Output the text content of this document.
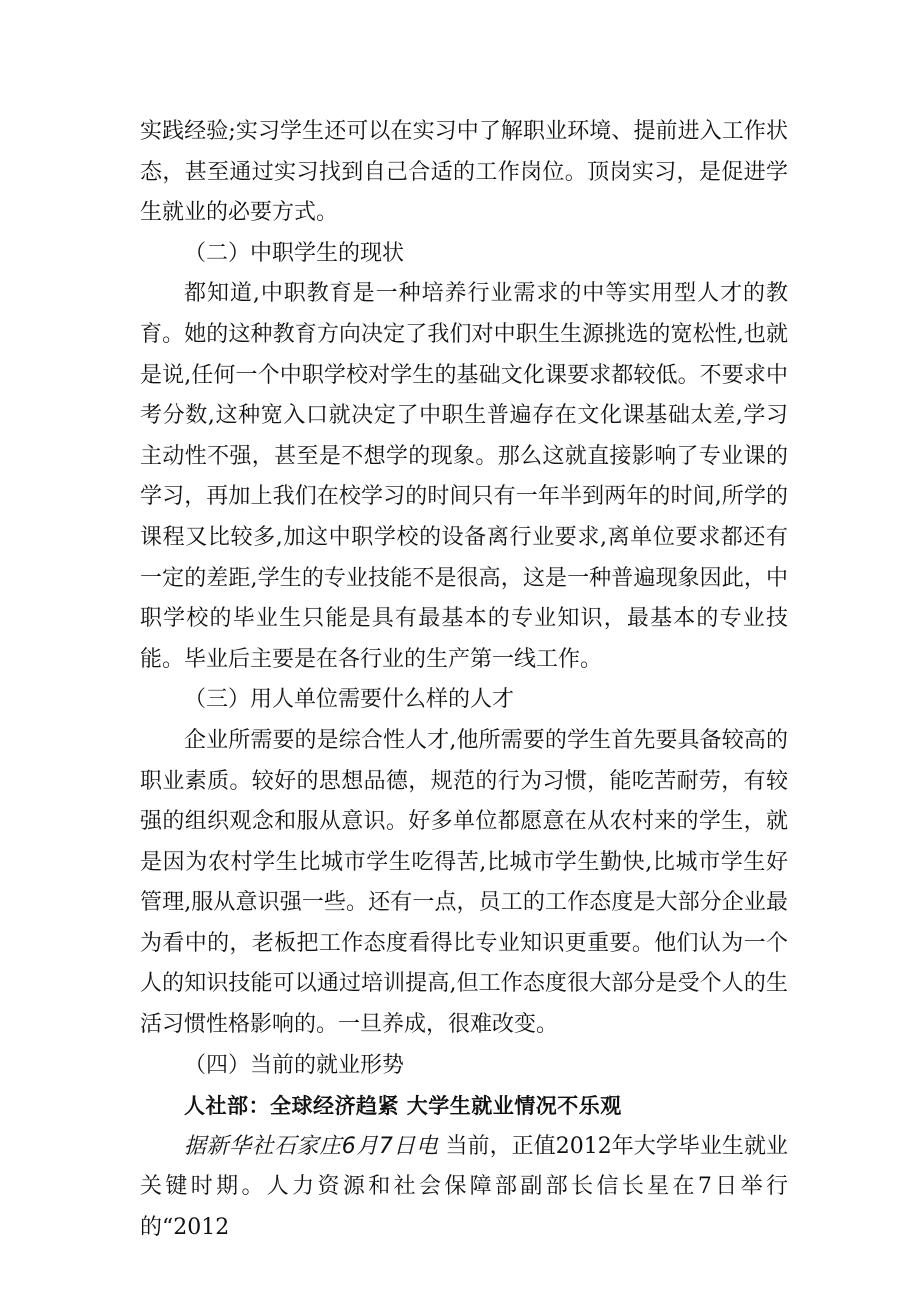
实践经验;实习学生还可以在实习中了解职业环境、提前进入工作状态，甚至通过实习找到自己合适的工作岗位。顶岗实习，是促进学生就业的必要方式。

（二）中职学生的现状

都知道,中职教育是一种培养行业需求的中等实用型人才的教育。她的这种教育方向决定了我们对中职生生源挑选的宽松性,也就是说,任何一个中职学校对学生的基础文化课要求都较低。不要求中考分数,这种宽入口就决定了中职生普遍存在文化课基础太差,学习主动性不强，甚至是不想学的现象。那么这就直接影响了专业课的学习，再加上我们在校学习的时间只有一年半到两年的时间,所学的课程又比较多,加这中职学校的设备离行业要求,离单位要求都还有一定的差距,学生的专业技能不是很高，这是一种普遍现象因此，中职学校的毕业生只能是具有最基本的专业知识，最基本的专业技能。毕业后主要是在各行业的生产第一线工作。

（三）用人单位需要什么样的人才

企业所需要的是综合性人才,他所需要的学生首先要具备较高的职业素质。较好的思想品德，规范的行为习惯，能吃苦耐劳，有较强的组织观念和服从意识。好多单位都愿意在从农村来的学生，就是因为农村学生比城市学生吃得苦,比城市学生勤快,比城市学生好管理,服从意识强一些。还有一点，员工的工作态度是大部分企业最为看中的，老板把工作态度看得比专业知识更重要。他们认为一个人的知识技能可以通过培训提高,但工作态度很大部分是受个人的生活习惯性格影响的。一旦养成，很难改变。

（四）当前的就业形势

人社部：全球经济趋紧 大学生就业情况不乐观

据新华社石家庄6月7日电 当前，正值2012年大学毕业生就业关键时期。人力资源和社会保障部副部长信长星在7日举行的“2012
